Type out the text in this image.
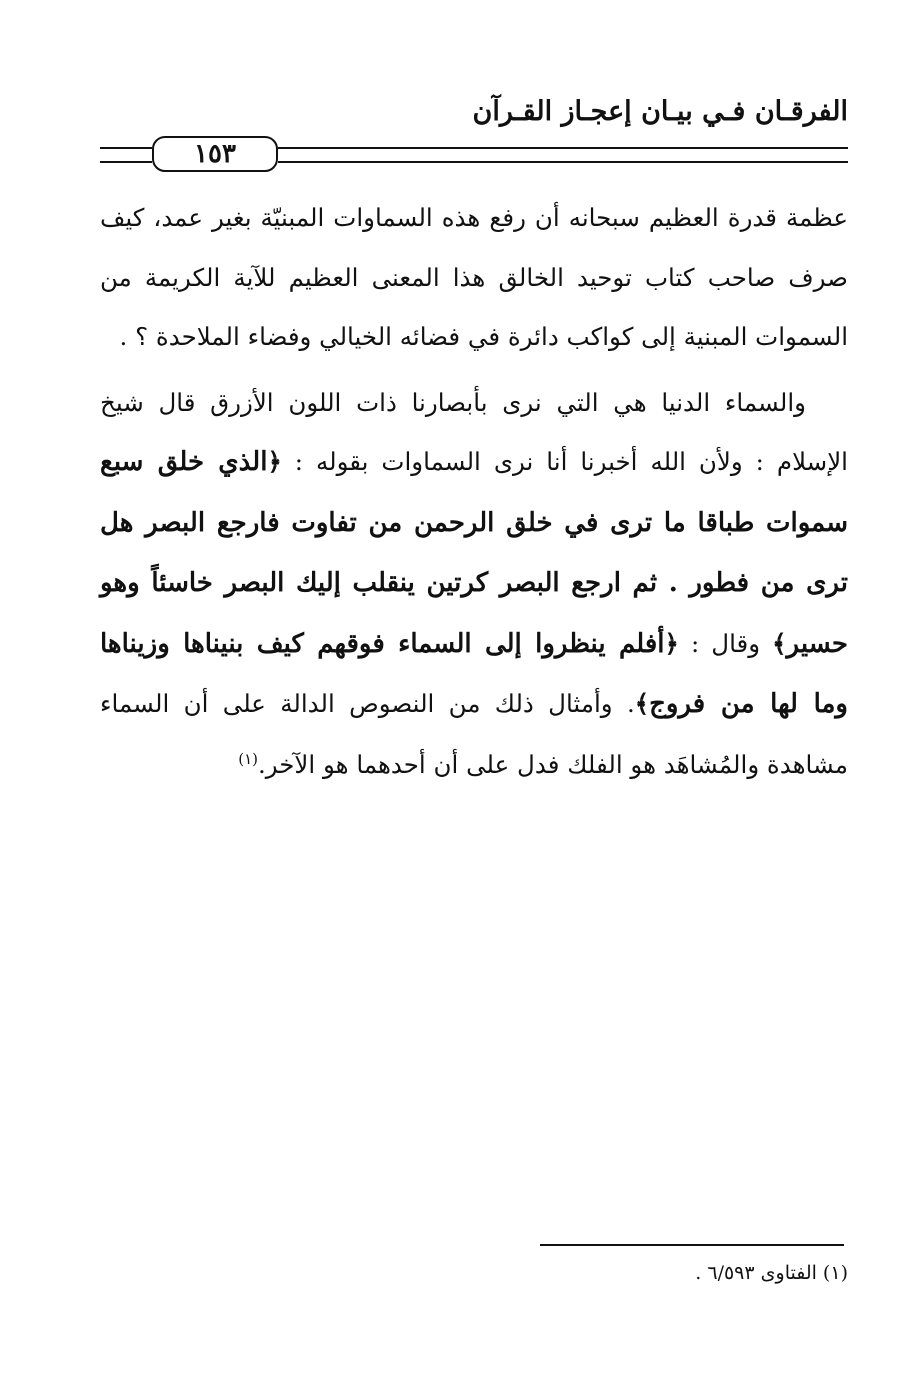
الفرقـان فـي بيـان إعجـاز القـرآن
١٥٣

عظمة قدرة العظيم سبحانه أن رفع هذه السماوات المبنيّة بغير عمد، كيف صرف صاحب كتاب توحيد الخالق هذا المعنى العظيم للآية الكريمة من السموات المبنية إلى كواكب دائرة في فضائه الخيالي وفضاء الملاحدة ؟ .

والسماء الدنيا هي التي نرى بأبصارنا ذات اللون الأزرق قال شيخ الإسلام : ولأن الله أخبرنا أنا نرى السماوات بقوله : ﴿الذي خلق سبع سموات طباقا ما ترى في خلق الرحمن من تفاوت فارجع البصر هل ترى من فطور . ثم ارجع البصر كرتين ينقلب إليك البصر خاسئاً وهو حسير﴾ وقال : ﴿أفلم ينظروا إلى السماء فوقهم كيف بنيناها وزيناها وما لها من فروج﴾. وأمثال ذلك من النصوص الدالة على أن السماء مشاهدة والمُشاهَد هو الفلك فدل على أن أحدهما هو الآخر.$^{(١)}$

(١) الفتاوى ٦/٥٩٣ .
